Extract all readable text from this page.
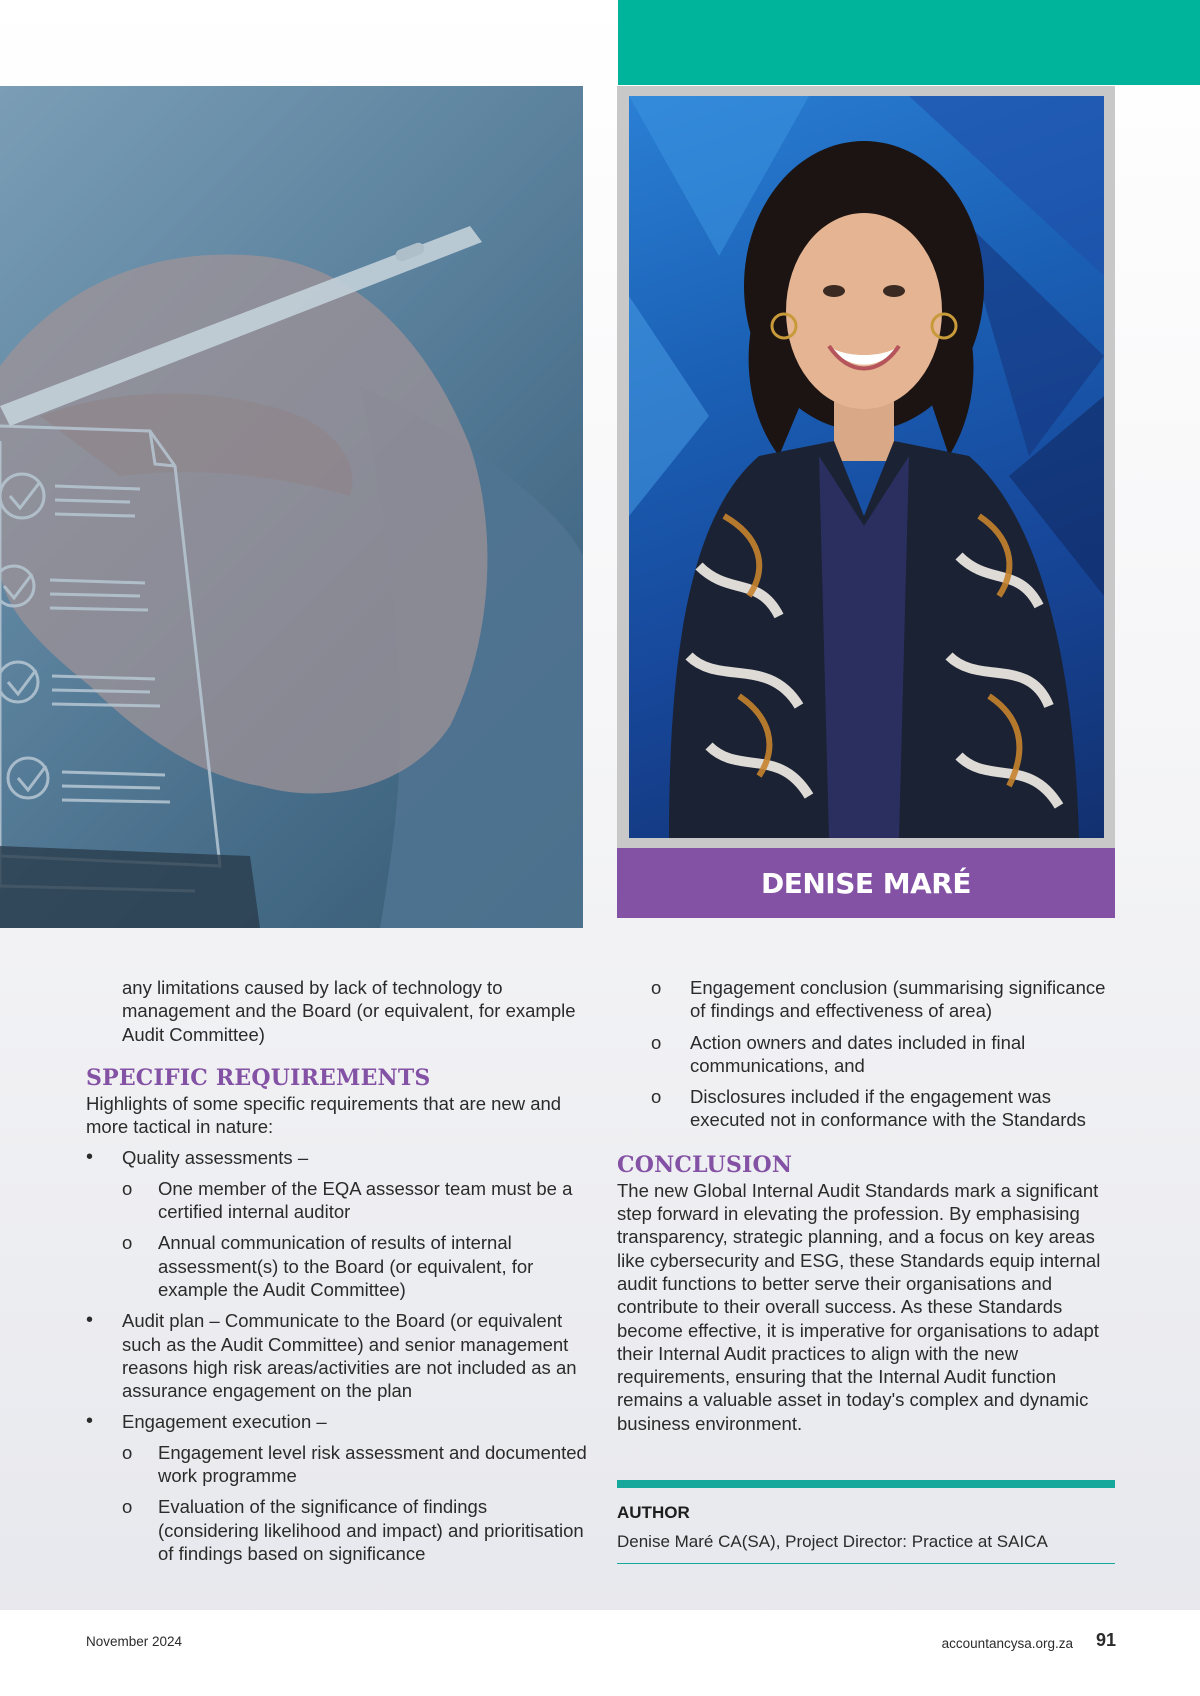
DENISE MARÉ

any limitations caused by lack of technology to management and the Board (or equivalent, for example Audit Committee)

SPECIFIC REQUIREMENTS

Highlights of some specific requirements that are new and more tactical in nature:

• Quality assessments –
o One member of the EQA assessor team must be a certified internal auditor
o Annual communication of results of internal assessment(s) to the Board (or equivalent, for example the Audit Committee)
• Audit plan – Communicate to the Board (or equivalent such as the Audit Committee) and senior management reasons high risk areas/activities are not included as an assurance engagement on the plan
• Engagement execution –
o Engagement level risk assessment and documented work programme
o Evaluation of the significance of findings (considering likelihood and impact) and prioritisation of findings based on significance
o Engagement conclusion (summarising significance of findings and effectiveness of area)
o Action owners and dates included in final communications, and
o Disclosures included if the engagement was executed not in conformance with the Standards
CONCLUSION

The new Global Internal Audit Standards mark a significant step forward in elevating the profession. By emphasising transparency, strategic planning, and a focus on key areas like cybersecurity and ESG, these Standards equip internal audit functions to better serve their organisations and contribute to their overall success. As these Standards become effective, it is imperative for organisations to adapt their Internal Audit practices to align with the new requirements, ensuring that the Internal Audit function remains a valuable asset in today's complex and dynamic business environment.

AUTHOR
Denise Maré CA(SA), Project Director: Practice at SAICA
November 2024	accountancysa.org.za 91
